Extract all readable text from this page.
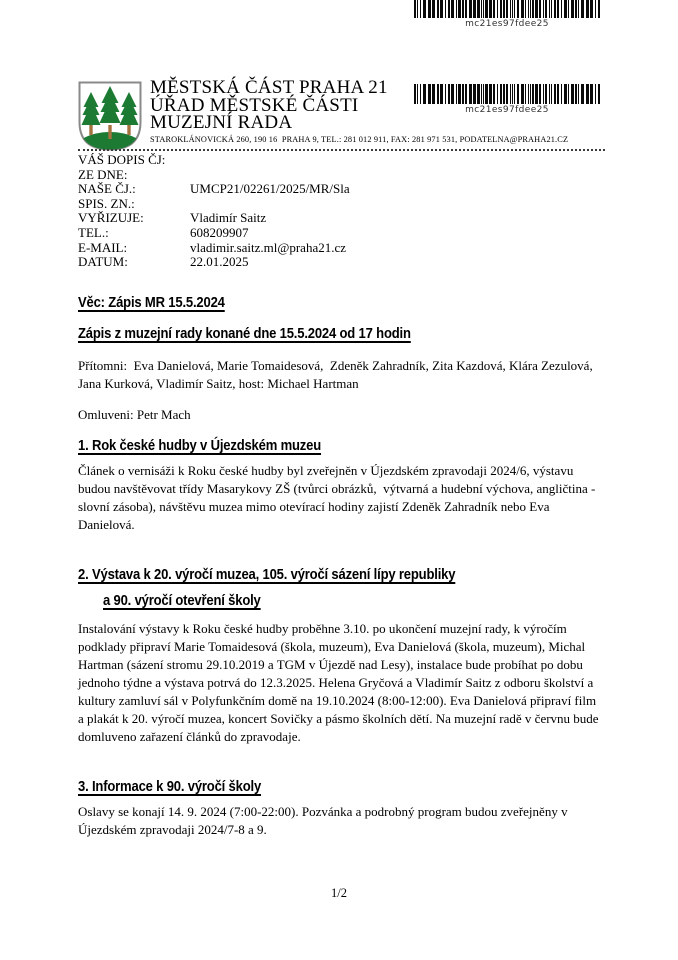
mc21es97fdee25
MĚSTSKÁ ČÁST PRAHA 21
ÚŘAD MĚSTSKÉ ČÁSTI
MUZEJNÍ RADA
STAROKLÁNOVICKÁ 260, 190 16  PRAHA 9, TEL.: 281 012 911, FAX: 281 971 531, PODATELNA@PRAHA21.CZ
mc21es97fdee25
VÁŠ DOPIS ČJ:
ZE DNE:
NAŠE ČJ.:	UMCP21/02261/2025/MR/Sla
SPIS. ZN.:
VYŘIZUJE:	Vladimír Saitz
TEL.:	608209907
E-MAIL:	vladimir.saitz.ml@praha21.cz
DATUM:	22.01.2025
Věc: Zápis MR 15.5.2024
Zápis z muzejní rady konané dne 15.5.2024 od 17 hodin

Přítomni:  Eva Danielová, Marie Tomaidesová,  Zdeněk Zahradník, Zita Kazdová, Klára Zezulová, Jana Kurková, Vladimír Saitz, host: Michael Hartman

Omluveni: Petr Mach

1. Rok české hudby v Újezdském muzeu

Článek o vernisáži k Roku české hudby byl zveřejněn v Újezdském zpravodaji 2024/6, výstavu budou navštěvovat třídy Masarykovy ZŠ (tvůrci obrázků,  výtvarná a hudební výchova, angličtina - slovní zásoba), návštěvu muzea mimo otevírací hodiny zajistí Zdeněk Zahradník nebo Eva Danielová.

2. Výstava k 20. výročí muzea, 105. výročí sázení lípy republiky
a 90. výročí otevření školy

Instalování výstavy k Roku české hudby proběhne 3.10. po ukončení muzejní rady, k výročím podklady připraví Marie Tomaidesová (škola, muzeum), Eva Danielová (škola, muzeum), Michal Hartman (sázení stromu 29.10.2019 a TGM v Újezdě nad Lesy), instalace bude probíhat po dobu jednoho týdne a výstava potrvá do 12.3.2025. Helena Gryčová a Vladimír Saitz z odboru školství a kultury zamluví sál v Polyfunkčním domě na 19.10.2024 (8:00-12:00). Eva Danielová připraví film a plakát k 20. výročí muzea, koncert Sovičky a pásmo školních dětí. Na muzejní radě v červnu bude domluveno zařazení článků do zpravodaje.

3. Informace k 90. výročí školy

Oslavy se konají 14. 9. 2024 (7:00-22:00). Pozvánka a podrobný program budou zveřejněny v Újezdském zpravodaji 2024/7-8 a 9.

1/2
